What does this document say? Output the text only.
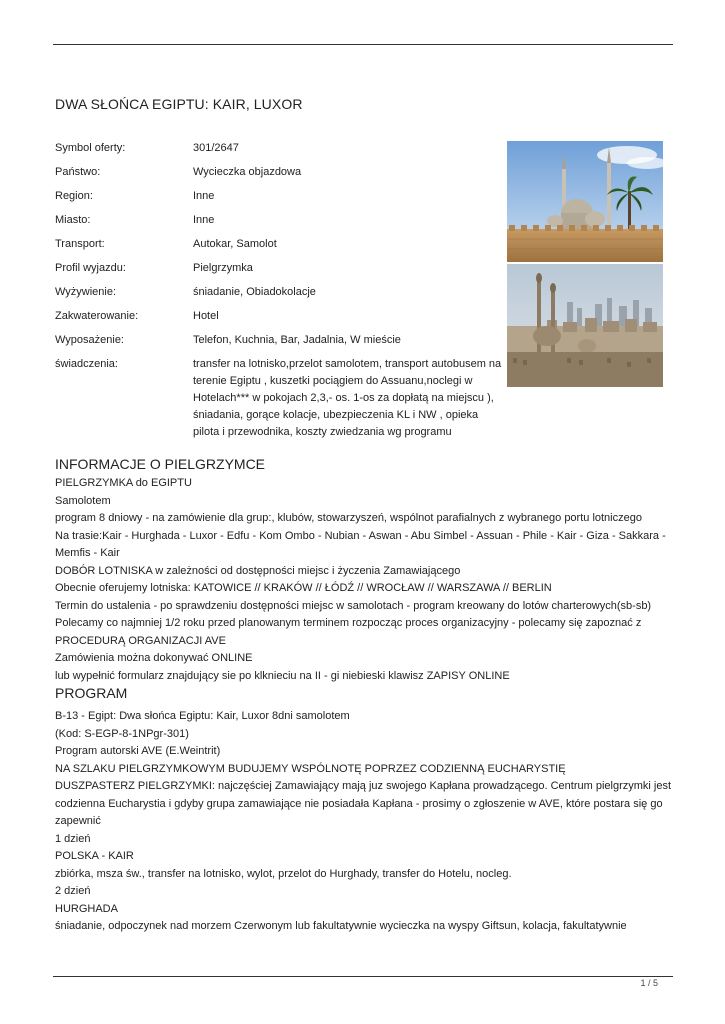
DWA SŁOŃCA EGIPTU: KAIR, LUXOR
Symbol oferty:	301/2647
Państwo:	Wycieczka objazdowa
Region:	Inne
Miasto:	Inne
Transport:	Autokar, Samolot
Profil wyjazdu:	Pielgrzymka
Wyżywienie:	śniadanie, Obiadokolacje
Zakwaterowanie:	Hotel
Wyposażenie:	Telefon, Kuchnia, Bar, Jadalnia, W mieście
świadczenia:	transfer na lotnisko,przelot samolotem, transport autobusem na terenie Egiptu , kuszetki pociągiem do Assuanu,noclegi w Hotelach*** w pokojach 2,3,- os. 1-os za dopłatą na miejscu ), śniadania, gorące kolacje, ubezpieczenia KL i NW , opieka pilota i przewodnika, koszty zwiedzania wg programu
INFORMACJE O PIELGRZYMCE

PIELGRZYMKA do EGIPTU

Samolotem

program 8 dniowy - na zamówienie dla grup:, klubów, stowarzyszeń, wspólnot parafialnych z wybranego portu lotniczego

Na trasie:Kair - Hurghada - Luxor - Edfu - Kom Ombo - Nubian - Aswan - Abu Simbel - Assuan - Phile - Kair - Giza - Sakkara - Memfis - Kair

DOBÓR LOTNISKA w zależności od dostępności miejsc i życzenia Zamawiającego

Obecnie oferujemy lotniska: KATOWICE // KRAKÓW // ŁÓDŹ // WROCŁAW // WARSZAWA // BERLIN

Termin do ustalenia - po sprawdzeniu dostępności miejsc w samolotach - program kreowany do lotów charterowych(sb-sb)

Polecamy co najmniej 1/2 roku przed planowanym terminem rozpocząc proces organizacyjny - polecamy się zapoznać z PROCEDURĄ ORGANIZACJI AVE

Zamówienia można dokonywać ONLINE

lub wypełnić formularz znajdujący sie po klknieciu na II - gi niebieski klawisz ZAPISY ONLINE

PROGRAM

B-13 - Egipt: Dwa słońca Egiptu: Kair, Luxor 8dni samolotem

(Kod: S-EGP-8-1NPgr-301)

Program autorski AVE (E.Weintrit)

NA SZLAKU PIELGRZYMKOWYM BUDUJEMY WSPÓLNOTĘ POPRZEZ CODZIENNĄ EUCHARYSTIĘ

DUSZPASTERZ PIELGRZYMKI: najczęściej Zamawiający mają juz swojego Kapłana prowadzącego. Centrum pielgrzymki jest codzienna Eucharystia i gdyby grupa zamawiające nie posiadała Kapłana - prosimy o zgłoszenie w AVE, które postara się go zapewnić

1 dzień

POLSKA - KAIR

zbiórka, msza św., transfer na lotnisko, wylot, przelot do Hurghady, transfer do Hotelu, nocleg.

2 dzień

HURGHADA

śniadanie, odpoczynek nad morzem Czerwonym lub fakultatywnie wycieczka na wyspy Giftsun, kolacja, fakultatywnie

1 / 5
